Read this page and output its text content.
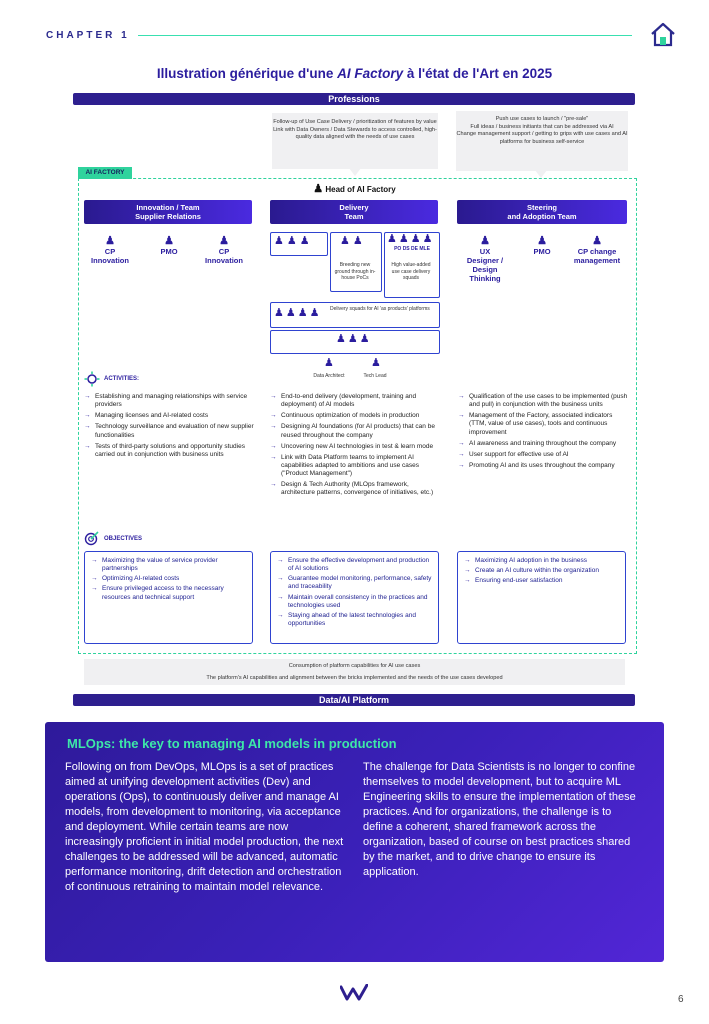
CHAPTER 1
Illustration générique d'une AI Factory à l'état de l'Art en 2025
Professions
Follow-up of Use Case Delivery / prioritization of features by value
Link with Data Owners / Data Stewards to access controlled, high-quality data aligned with the needs of use cases
Push use cases to launch / "pre-sale"
Full ideas / business initiants that can be addressed via AI
Change management support / getting to grips with use cases and AI platforms for business self-service
AI FACTORY
♟ Head of AI Factory
Innovation / Team
Supplier Relations
Delivery
Team
Steering
and Adoption Team
♟
CP
Innovation
♟
PMO
♟
CP
Innovation
♟
UX
Designer /
Design
Thinking
♟
PMO
♟
CP change
management
♟♟♟ ♟♟
Breeding new ground through in-house PoCs
♟♟♟♟
PO DS DE MLE
High value-added use case delivery squads
♟♟♟♟ Delivery squads for AI 'as products' platforms
♟♟♟
♟	♟
Data Architect	Tech Lead
ACTIVITIES:
→ Establishing and managing relationships with service providers
→ Managing licenses and AI-related costs
→ Technology surveillance and evaluation of new supplier functionalities
→ Tests of third-party solutions and opportunity studies carried out in conjunction with business units
→ End-to-end delivery (development, training and deployment) of AI models
→ Continuous optimization of models in production
→ Designing AI foundations (for AI products) that can be reused throughout the company
→ Uncovering new AI technologies in test & learn mode
→ Link with Data Platform teams to implement AI capabilities adapted to ambitions and use cases ("Product Management")
→ Design & Tech Authority (MLOps framework, architecture patterns, convergence of initiatives, etc.)
→ Qualification of the use cases to be implemented (push and pull) in conjunction with the business units
→ Management of the Factory, associated indicators (TTM, value of use cases), tools and continuous improvement
→ AI awareness and training throughout the company
→ User support for effective use of AI
→ Promoting AI and its uses throughout the company
OBJECTIVES
→ Maximizing the value of service provider partnerships
→ Optimizing AI-related costs
→ Ensure privileged access to the necessary resources and technical support
→ Ensure the effective development and production of AI solutions
→ Guarantee model monitoring, performance, safety and traceability
→ Maintain overall consistency in the practices and technologies used
→ Staying ahead of the latest technologies and opportunities
→ Maximizing AI adoption in the business
→ Create an AI culture within the organization
→ Ensuring end-user satisfaction
Consumption of platform capabilities for AI use cases
The platform's AI capabilities and alignment between the bricks implemented and the needs of the use cases developed
Data/AI Platform
MLOps: the key to managing AI models in production
Following on from DevOps, MLOps is a set of practices aimed at unifying development activities (Dev) and operations (Ops), to continuously deliver and manage AI models, from development to monitoring, via acceptance and deployment. While certain teams are now increasingly proficient in initial model production, the next challenges to be addressed will be advanced, automatic performance monitoring, drift detection and orchestration of continuous retraining to maintain model relevance.
The challenge for Data Scientists is no longer to confine themselves to model development, but to acquire ML Engineering skills to ensure the implementation of these practices. And for organizations, the challenge is to define a coherent, shared framework across the organization, based of course on best practices shared by the market, and to drive change to ensure its application.
6
